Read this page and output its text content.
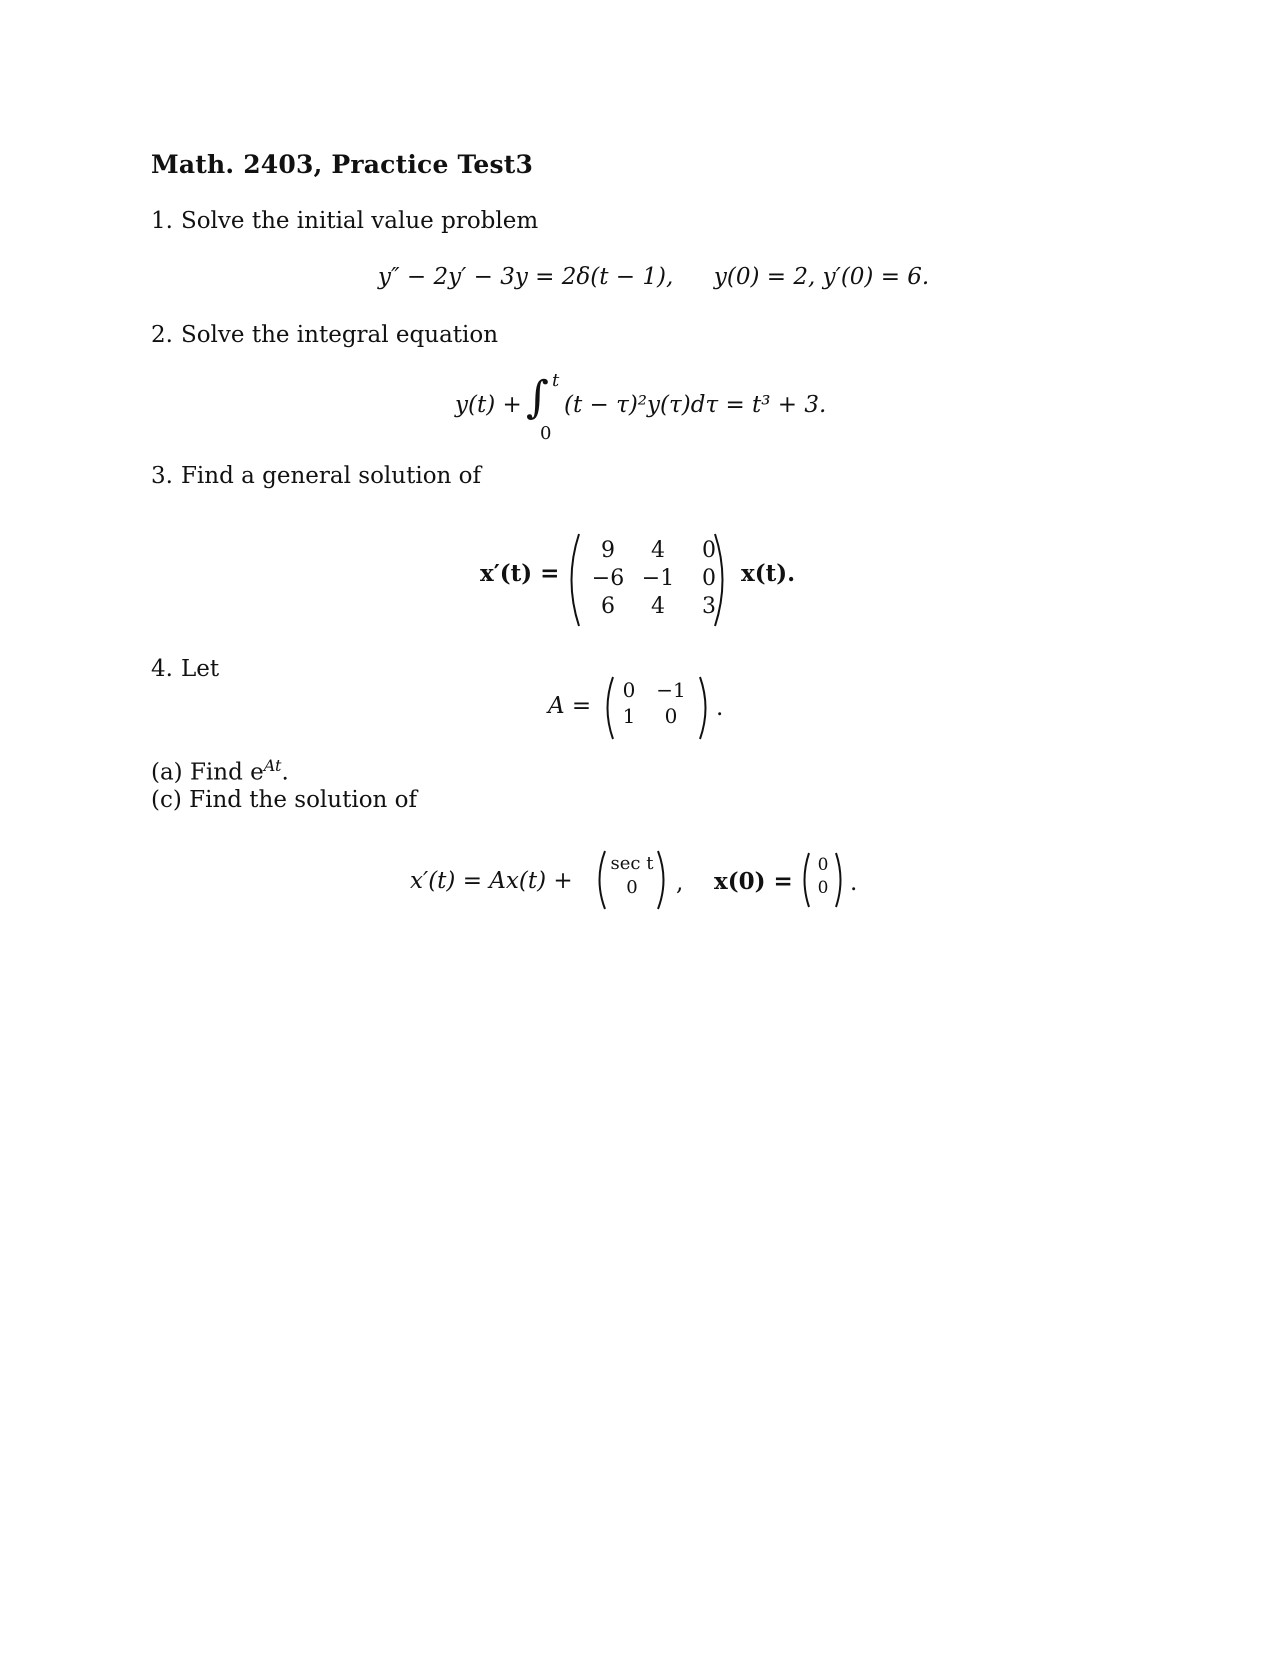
Math. 2403, Practice Test3
1. Solve the initial value problem
y″ − 2y′ − 3y = 2δ(t − 1), y(0) = 2, y′(0) = 6.
2. Solve the integral equation
y(t) + ∫ t
0
(t − τ)²y(τ)dτ = t³ + 3.
3. Find a general solution of
x′(t) =
9	4	0
−6 −1	0
6	4	3
x(t).
4. Let
A =
0	−1
1	0	.
(a) Find $e^{At}$.
(c) Find the solution of
x′(t) = Ax(t) +
sec t
0	, x(0) =
0
0 .
